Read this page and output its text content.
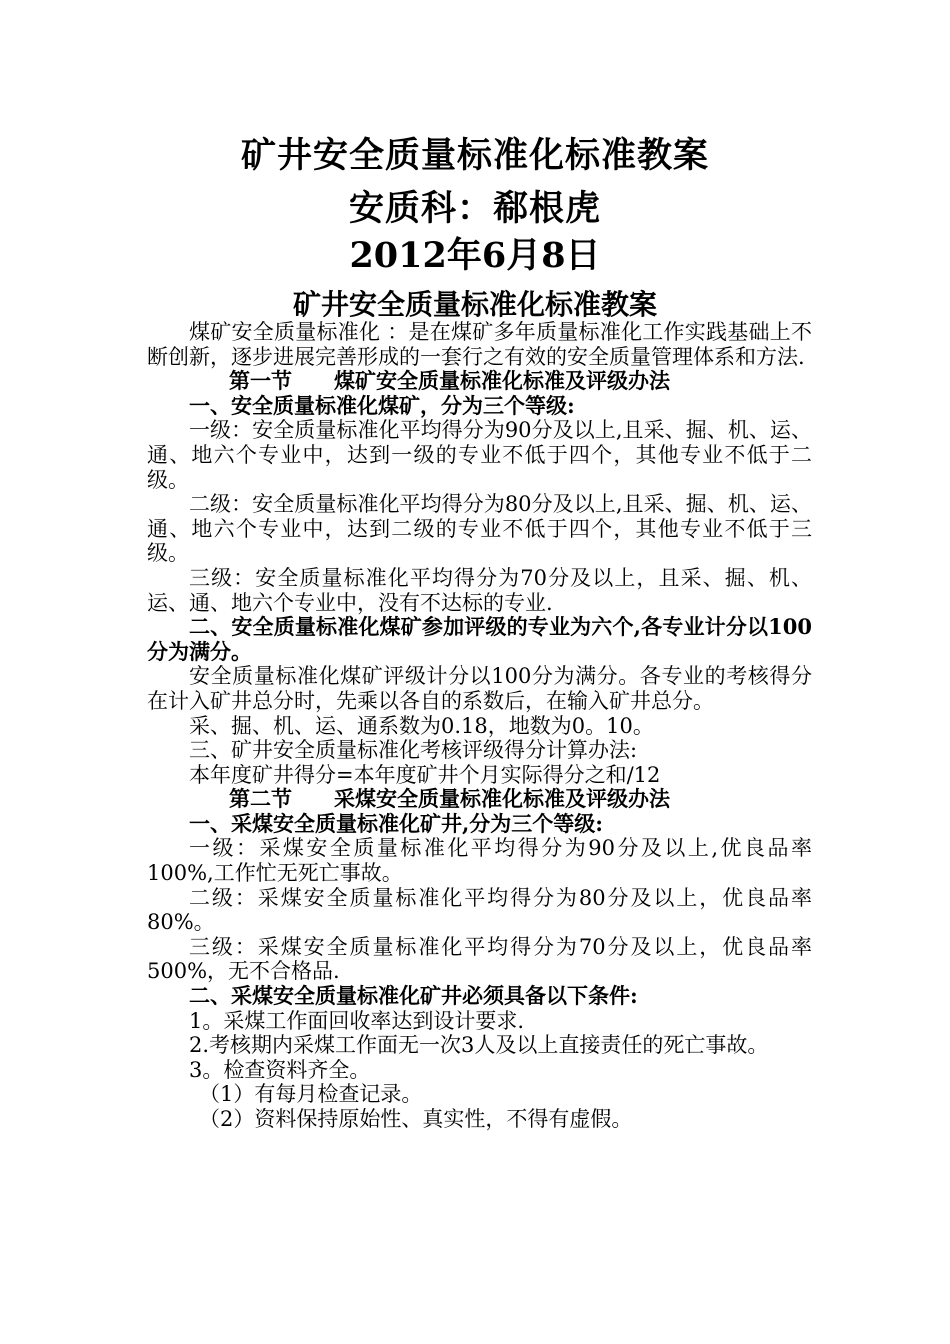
矿井安全质量标准化标准教案
安质科：郗根虎
2012年6月8日
矿井安全质量标准化标准教案

煤矿安全质量标准化 ：是在煤矿多年质量标准化工作实践基础上不断创新，逐步进展完善形成的一套行之有效的安全质量管理体系和方法.

第一节　　煤矿安全质量标准化标准及评级办法

一、安全质量标准化煤矿，分为三个等级:

一级：安全质量标准化平均得分为90分及以上,且采、掘、机、运、通、地六个专业中，达到一级的专业不低于四个，其他专业不低于二级。

二级：安全质量标准化平均得分为80分及以上,且采、掘、机、运、通、地六个专业中，达到二级的专业不低于四个，其他专业不低于三级。

三级：安全质量标准化平均得分为70分及以上，且采、掘、机、运、通、地六个专业中，没有不达标的专业.

二、安全质量标准化煤矿参加评级的专业为六个,各专业计分以100分为满分。

安全质量标准化煤矿评级计分以100分为满分。各专业的考核得分在计入矿井总分时，先乘以各自的系数后，在输入矿井总分。

采、掘、机、运、通系数为0.18，地数为0。10。

三、矿井安全质量标准化考核评级得分计算办法:

本年度矿井得分=本年度矿井个月实际得分之和/12

第二节　　采煤安全质量标准化标准及评级办法

一、采煤安全质量标准化矿井,分为三个等级:

一级：采煤安全质量标准化平均得分为90分及以上,优良品率100%,工作忙无死亡事故。

二级：采煤安全质量标准化平均得分为80分及以上，优良品率80%。

三级：采煤安全质量标准化平均得分为70分及以上，优良品率500%，无不合格品.

二、采煤安全质量标准化矿井必须具备以下条件:

1。采煤工作面回收率达到设计要求.

2.考核期内采煤工作面无一次3人及以上直接责任的死亡事故。

3。检查资料齐全。

（1）有每月检查记录。

（2）资料保持原始性、真实性，不得有虚假。
